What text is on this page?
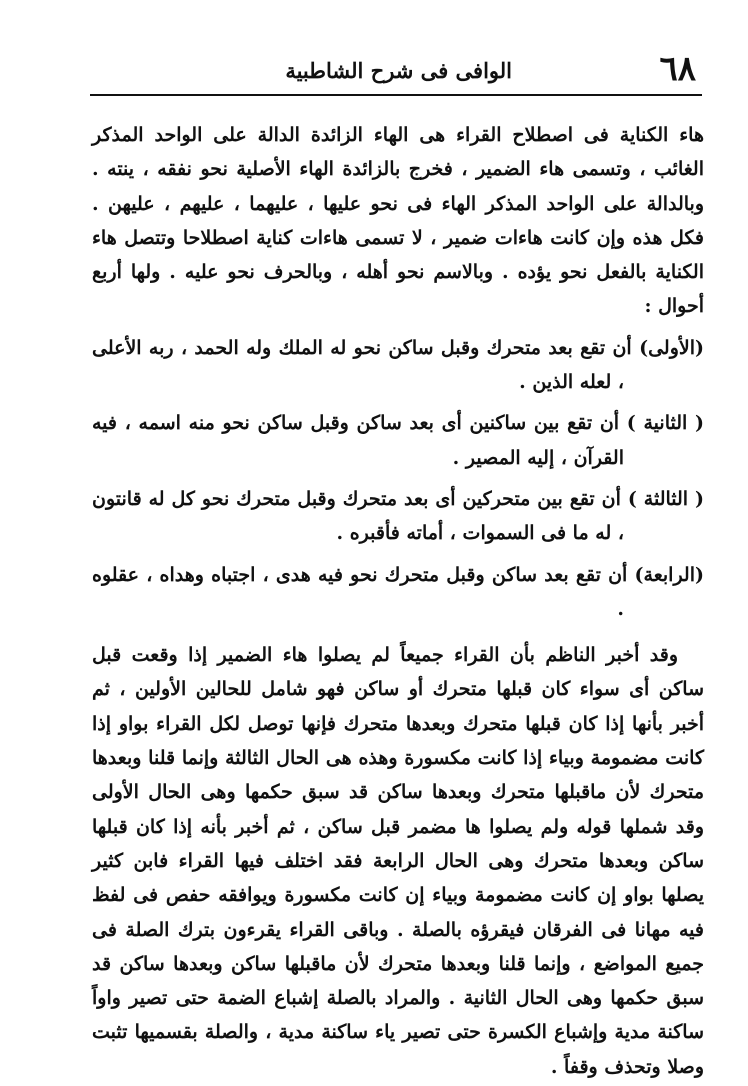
٦٨
الوافى فى شرح الشاطبية

هاء الكناية فى اصطلاح القراء هى الهاء الزائدة الدالة على الواحد المذكر الغائب ، وتسمى هاء الضمير ، فخرج بالزائدة الهاء الأصلية نحو نفقه ، ينته . وبالدالة على الواحد المذكر الهاء فى نحو عليها ، عليهما ، عليهم ، عليهن . فكل هذه وإن كانت هاءات ضمير ، لا تسمى هاءات كناية اصطلاحا وتتصل هاء الكناية بالفعل نحو يؤده . وبالاسم نحو أهله ، وبالحرف نحو عليه . ولها أربع أحوال :

(الأولى) أن تقع بعد متحرك وقبل ساكن نحو له الملك وله الحمد ، ربه الأعلى ، لعله الذين .

( الثانية ) أن تقع بين ساكنين أى بعد ساكن وقبل ساكن نحو منه اسمه ، فيه القرآن ، إليه المصير .

( الثالثة ) أن تقع بين متحركين أى بعد متحرك وقبل متحرك نحو كل له قانتون ، له ما فى السموات ، أماته فأقبره .

(الرابعة) أن تقع بعد ساكن وقبل متحرك نحو فيه هدى ، اجتباه وهداه ، عقلوه .

وقد أخبر الناظم بأن القراء جميعاً لم يصلوا هاء الضمير إذا وقعت قبل ساكن أى سواء كان قبلها متحرك أو ساكن فهو شامل للحالين الأولين ، ثم أخبر بأنها إذا كان قبلها متحرك وبعدها متحرك فإنها توصل لكل القراء بواو إذا كانت مضمومة وبياء إذا كانت مكسورة وهذه هى الحال الثالثة وإنما قلنا وبعدها متحرك لأن ماقبلها متحرك وبعدها ساكن قد سبق حكمها وهى الحال الأولى وقد شملها قوله ولم يصلوا ها مضمر قبل ساكن ، ثم أخبر بأنه إذا كان قبلها ساكن وبعدها متحرك وهى الحال الرابعة فقد اختلف فيها القراء فابن كثير يصلها بواو إن كانت مضمومة وبياء إن كانت مكسورة ويوافقه حفص فى لفظ فيه مهانا فى الفرقان فيقرؤه بالصلة . وباقى القراء يقرءون بترك الصلة فى جميع المواضع ، وإنما قلنا وبعدها متحرك لأن ماقبلها ساكن وبعدها ساكن قد سبق حكمها وهى الحال الثانية . والمراد بالصلة إشباع الضمة حتى تصير واواً ساكنة مدية وإشباع الكسرة حتى تصير ياء ساكنة مدية ، والصلة بقسميها تثبت وصلا وتحذف وقفاً .
